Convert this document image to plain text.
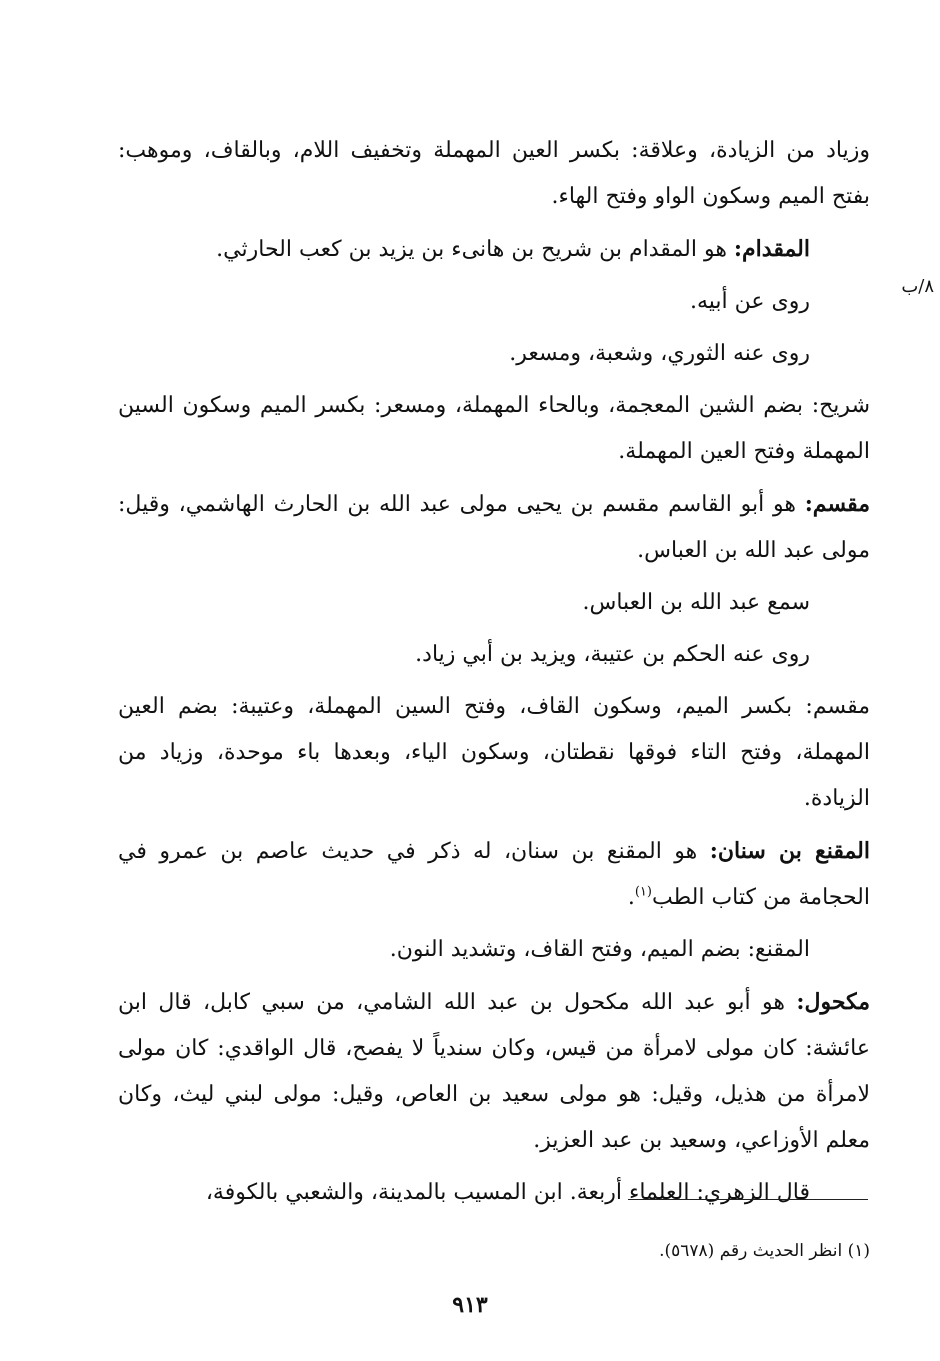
وزياد من الزيادة، وعلاقة: بكسر العين المهملة وتخفيف اللام، وبالقاف، وموهب: بفتح الميم وسكون الواو وفتح الهاء.

المقدام: هو المقدام بن شريح بن هانىء بن يزيد بن كعب الحارثي.

روى عن أبيه.

روى عنه الثوري، وشعبة، ومسعر.

شريح: بضم الشين المعجمة، وبالحاء المهملة، ومسعر: بكسر الميم وسكون السين المهملة وفتح العين المهملة.

مقسم: هو أبو القاسم مقسم بن يحيى مولى عبد الله بن الحارث الهاشمي، وقيل: مولى عبد الله بن العباس.

سمع عبد الله بن العباس.

روى عنه الحكم بن عتيبة، ويزيد بن أبي زياد.

مقسم: بكسر الميم، وسكون القاف، وفتح السين المهملة، وعتيبة: بضم العين المهملة، وفتح التاء فوقها نقطتان، وسكون الياء، وبعدها باء موحدة، وزياد من الزيادة.

المقنع بن سنان: هو المقنع بن سنان، له ذكر في حديث عاصم بن عمرو في الحجامة من كتاب الطب$^{(١)}$.

المقنع: بضم الميم، وفتح القاف، وتشديد النون.

مكحول: هو أبو عبد الله مكحول بن عبد الله الشامي، من سبي كابل، قال ابن عائشة: كان مولى لامرأة من قيس، وكان سندياً لا يفصح، قال الواقدي: كان مولى لامرأة من هذيل، وقيل: هو مولى سعيد بن العاص، وقيل: مولى لبني ليث، وكان معلم الأوزاعي، وسعيد بن عبد العزيز.

قال الزهري: العلماء أربعة. ابن المسيب بالمدينة، والشعبي بالكوفة،

٨/ب
(١) انظر الحديث رقم (٥٦٧٨).
٩١٣
